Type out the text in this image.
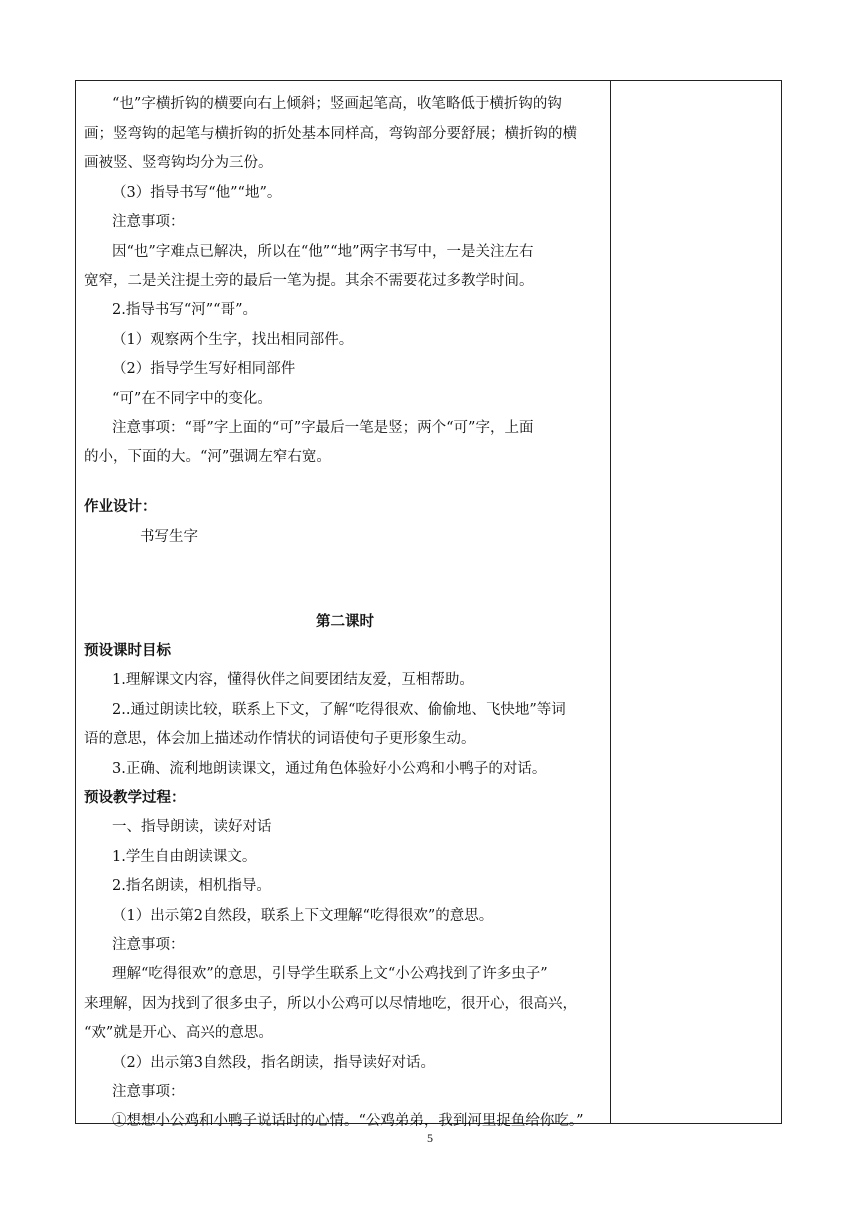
“也”字横折钩的横要向右上倾斜；竖画起笔高，收笔略低于横折钩的钩
画；竖弯钩的起笔与横折钩的折处基本同样高，弯钩部分要舒展；横折钩的横
画被竖、竖弯钩均分为三份。
（3）指导书写“他”“地”。
注意事项：
因“也”字难点已解决，所以在“他”“地”两字书写中，一是关注左右
宽窄，二是关注提土旁的最后一笔为提。其余不需要花过多教学时间。
2.指导书写“河”“哥”。
（1）观察两个生字，找出相同部件。
（2）指导学生写好相同部件
“可”在不同字中的变化。
注意事项：“哥”字上面的“可”字最后一笔是竖；两个“可”字，上面
的小，下面的大。“河”强调左窄右宽。
作业设计：
书写生字
第二课时
预设课时目标
1.理解课文内容，懂得伙伴之间要团结友爱，互相帮助。
2..通过朗读比较，联系上下文，了解“吃得很欢、偷偷地、飞快地”等词
语的意思，体会加上描述动作情状的词语使句子更形象生动。
3.正确、流利地朗读课文，通过角色体验好小公鸡和小鸭子的对话。
预设教学过程：
一、指导朗读，读好对话
1.学生自由朗读课文。
2.指名朗读，相机指导。
（1）出示第2自然段，联系上下文理解“吃得很欢”的意思。
注意事项：
理解“吃得很欢”的意思，引导学生联系上文“小公鸡找到了许多虫子”
来理解，因为找到了很多虫子，所以小公鸡可以尽情地吃，很开心，很高兴，
“欢”就是开心、高兴的意思。
（2）出示第3自然段，指名朗读，指导读好对话。
注意事项：
①想想小公鸡和小鸭子说话时的心情。“公鸡弟弟，我到河里捉鱼给你吃。”
5
